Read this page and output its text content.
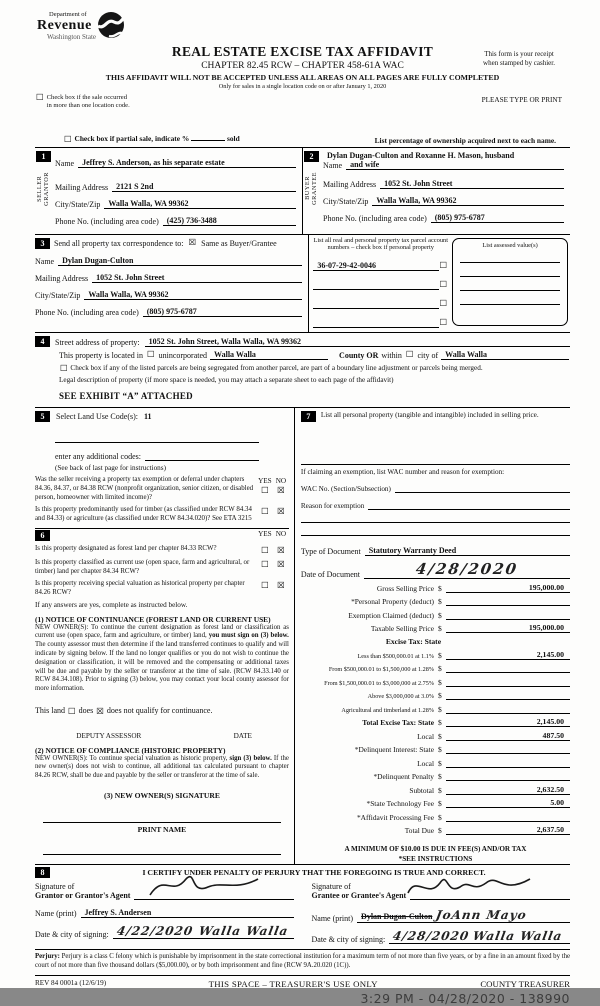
Department of
Revenue
Washington State
REAL ESTATE EXCISE TAX AFFIDAVIT
CHAPTER 82.45 RCW – CHAPTER 458-61A WAC
THIS AFFIDAVIT WILL NOT BE ACCEPTED UNLESS ALL AREAS ON ALL PAGES ARE FULLY COMPLETED
Only for sales in a single location code on or after January 1, 2020
This form is your receipt
when stamped by cashier.
PLEASE TYPE OR PRINT
☐ Check box if the sale occurred
in more than one location code.
☐ Check box if partial sale, indicate %	sold	List percentage of ownership acquired next to each name.
1
SELLER
GRANTOR
Name	Jeffrey S. Anderson, as his separate estate
Mailing Address	2121 S 2nd
City/State/Zip	Walla Walla, WA 99362
Phone No. (including area code)	(425) 736-3488
2
BUYER
GRANTEE
Dylan Dugan-Culton and Roxanne H. Mason, husband
Name	and wife
Mailing Address	1052 St. John Street
City/State/Zip	Walla Walla, WA 99362
Phone No. (including area code)	(805) 975-6787
3	Send all property tax correspondence to: ☒ Same as Buyer/Grantee
Name	Dylan Dugan-Culton
Mailing Address	1052 St. John Street
City/State/Zip	Walla Walla, WA 99362
Phone No. (including area code)	(805) 975-6787
List all real and personal property tax parcel account
numbers – check box if personal property
36-07-29-42-0046	☐
☐
☐
☐
List assessed value(s)
4	Street address of property:	1052 St. John Street, Walla Walla, WA 99362
This property is located in ☐ unincorporated Walla Walla	County OR within ☐ city of Walla Walla
☐ Check box if any of the listed parcels are being segregated from another parcel, are part of a boundary line adjustment or parcels being merged.
Legal description of property (if more space is needed, you may attach a separate sheet to each page of the affidavit)
SEE EXHIBIT “A” ATTACHED
5	Select Land Use Code(s): 11
enter any additional codes:
(See back of last page for instructions)
Was the seller receiving a property tax exemption or deferral under chapters 84.36, 84.37, or 84.38 RCW (nonprofit organization, senior citizen, or disabled person, homeowner with limited income)?
YES
☐
NO
☒
Is this property predominantly used for timber (as classified under RCW 84.34 and 84.33) or agriculture (as classified under RCW 84.34.020)? See ETA 3215
☐ ☒
6	YES NO
Is this property designated as forest land per chapter 84.33 RCW?	☐ ☒
Is this property classified as current use (open space, farm and agricultural, or timber) land per chapter 84.34 RCW?
☐ ☒
Is this property receiving special valuation as historical property per chapter 84.26 RCW?
☐ ☒
If any answers are yes, complete as instructed below.
(1) NOTICE OF CONTINUANCE (FOREST LAND OR CURRENT USE)
NEW OWNER(S): To continue the current designation as forest land or classification as current use (open space, farm and agriculture, or timber) land, you must sign on (3) below. The county assessor must then determine if the land transferred continues to qualify and will indicate by signing below. If the land no longer qualifies or you do not wish to continue the designation or classification, it will be removed and the compensating or additional taxes will be due and payable by the seller or transferor at the time of sale. (RCW 84.33.140 or RCW 84.34.108). Prior to signing (3) below, you may contact your local county assessor for more information.
This land ☐ does ☒ does not qualify for continuance.
DEPUTY ASSESSOR	DATE
(2) NOTICE OF COMPLIANCE (HISTORIC PROPERTY)
NEW OWNER(S): To continue special valuation as historic property, sign (3) below. If the new owner(s) does not wish to continue, all additional tax calculated pursuant to chapter 84.26 RCW, shall be due and payable by the seller or transferor at the time of sale.
(3) NEW OWNER(S) SIGNATURE
PRINT NAME
7	List all personal property (tangible and intangible) included in selling price.
If claiming an exemption, list WAC number and reason for exemption:
WAC No. (Section/Subsection)
Reason for exemption
Type of Document	Statutory Warranty Deed
Date of Document	4/28/2020
Gross Selling Price $	195,000.00
*Personal Property (deduct) $
Exemption Claimed (deduct) $
Taxable Selling Price $	195,000.00
Excise Tax: State
Less than $500,000.01 at 1.1% $	2,145.00
From $500,000.01 to $1,500,000 at 1.28% $
From $1,500,000.01 to $3,000,000 at 2.75% $
Above $3,000,000 at 3.0% $
Agricultural and timberland at 1.28% $
Total Excise Tax: State $	2,145.00
Local $	487.50
*Delinquent Interest: State $
Local $
*Delinquent Penalty $
Subtotal $	2,632.50
*State Technology Fee $	5.00
*Affidavit Processing Fee $
Total Due $	2,637.50
A MINIMUM OF $10.00 IS DUE IN FEE(S) AND/OR TAX
*SEE INSTRUCTIONS
8	I CERTIFY UNDER PENALTY OF PERJURY THAT THE FOREGOING IS TRUE AND CORRECT.
Signature of
Grantor or Grantor's Agent
Name (print)	Jeffrey S. Andersen
Date & city of signing: 4/22/2020 Walla Walla
Signature of
Grantee or Grantee's Agent
Name (print)	Dylan Dugan-Culton JoAnn Mayo
Date & city of signing: 4/28/2020 Walla Walla
Perjury: Perjury is a class C felony which is punishable by imprisonment in the state correctional institution for a maximum term of not more than five years, or by a fine in an amount fixed by the court of not more than five thousand dollars ($5,000.00), or by both imprisonment and fine (RCW 9A.20.020 (1C)).
REV 84 0001a (12/6/19)	THIS SPACE – TREASURER'S USE ONLY	COUNTY TREASURER
3:29 PM - 04/28/2020 - 138990
